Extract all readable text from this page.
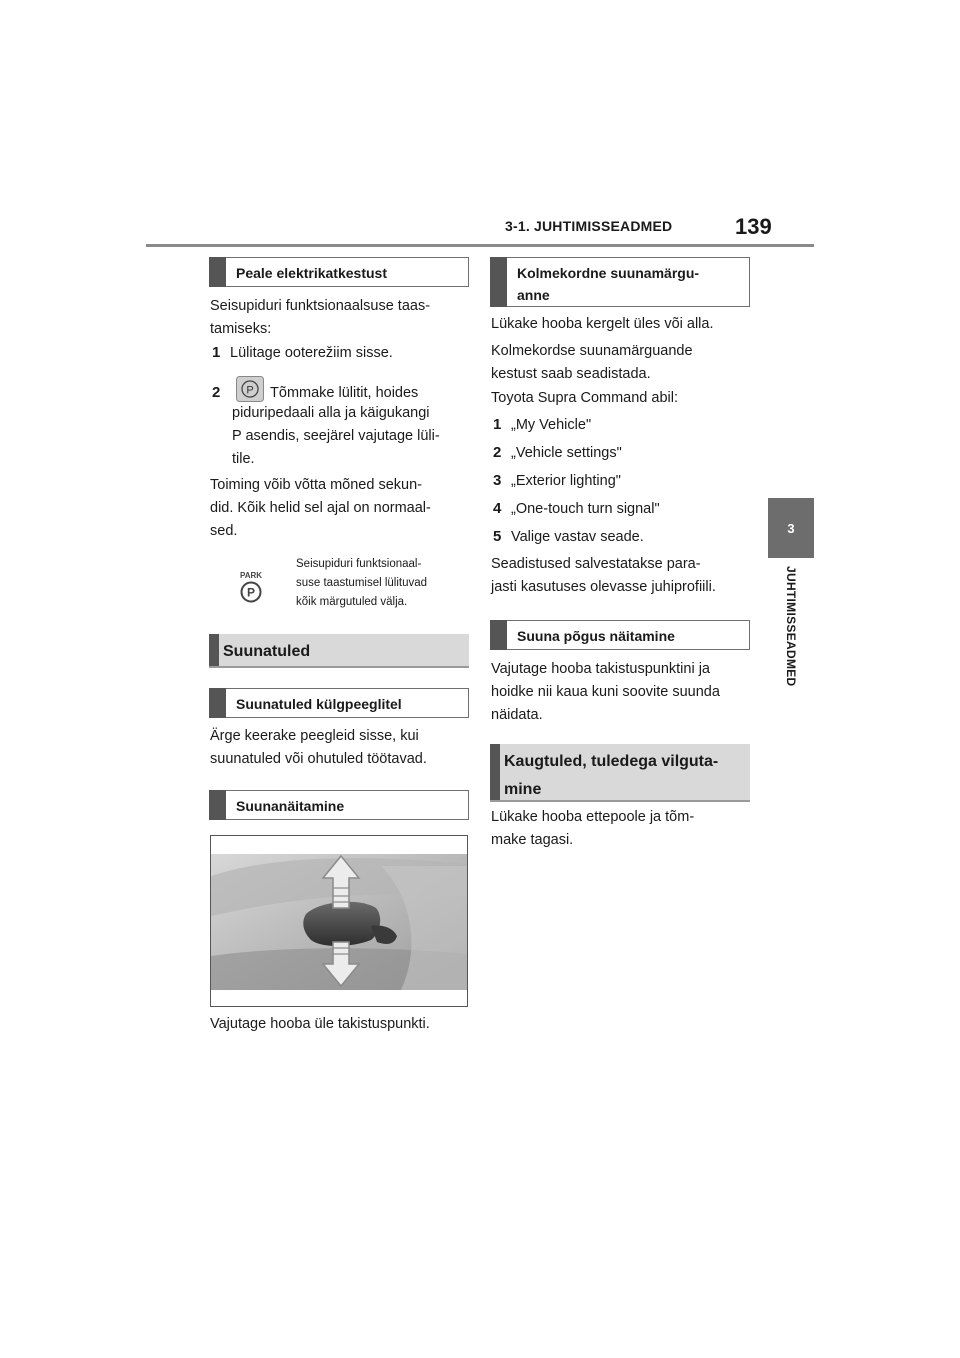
3-1. JUHTIMISSEADMED	139
3
JUHTIMISSEADMED
Peale elektrikatkestust
Seisupiduri funktsionaalsuse taas-
tamiseks:
1 Lülitage ooterežiim sisse.
2 P Tõmmake lülitit, hoides
piduripedaali alla ja käigukangi
P asendis, seejärel vajutage lüli-
tile.
Toiming võib võtta mõned sekun-
did. Kõik helid sel ajal on normaal-
sed.
PARK
P
Seisupiduri funktsionaal-
suse taastumisel lülituvad
kõik märgutuled välja.
Suunatuled
Suunatuled külgpeeglitel
Ärge keerake peegleid sisse, kui
suunatuled või ohutuled töötavad.
Suunanäitamine
Vajutage hooba üle takistuspunkti.
Kolmekordne suunamärgu-
anne
Lükake hooba kergelt üles või alla.
Kolmekordse suunamärguande
kestust saab seadistada.
Toyota Supra Command abil:
1 „My Vehicle"
2 „Vehicle settings"
3 „Exterior lighting"
4 „One-touch turn signal"
5 Valige vastav seade.
Seadistused salvestatakse para-
jasti kasutuses olevasse juhiprofiili.
Suuna põgus näitamine
Vajutage hooba takistuspunktini ja
hoidke nii kaua kuni soovite suunda
näidata.
Kaugtuled, tuledega vilguta-
mine
Lükake hooba ettepoole ja tõm-
make tagasi.
